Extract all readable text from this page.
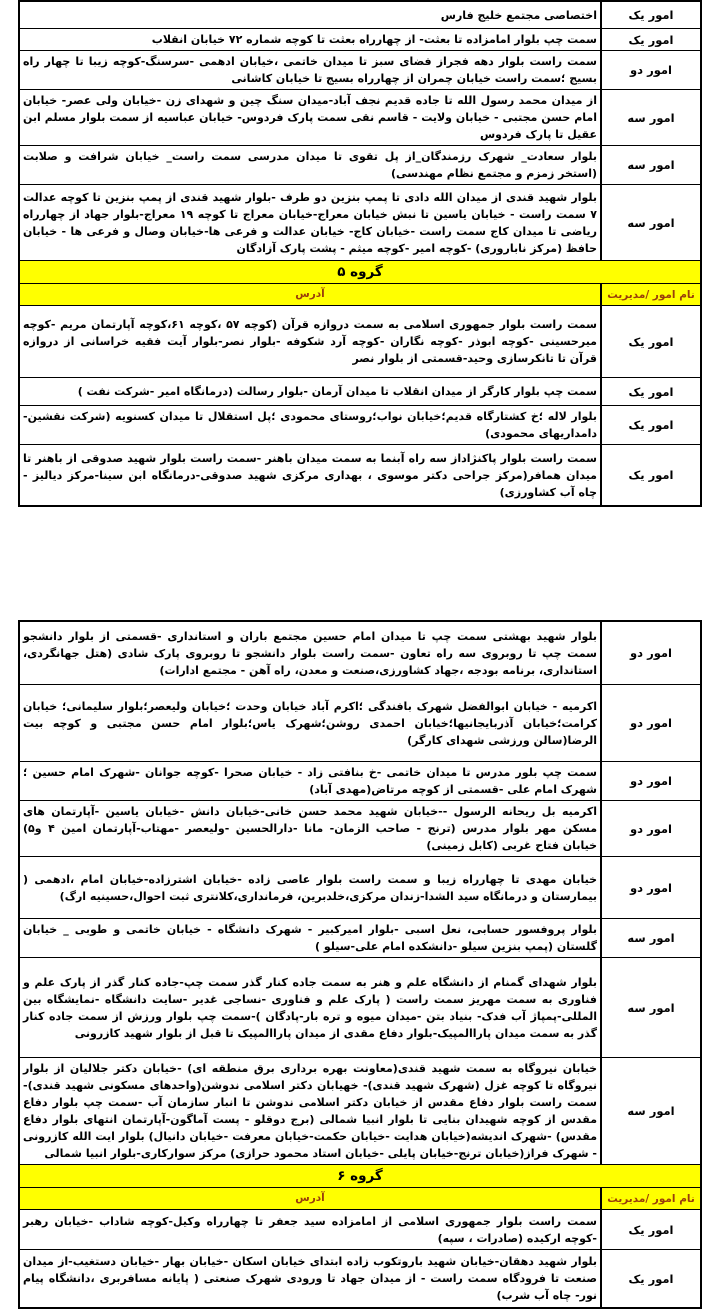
امور یک
اختصاصی مجتمع خلیج فارس
امور یک
سمت چپ بلوار امامزاده تا بعثت- از چهارراه بعثت تا کوچه شماره ۷۲ خیابان انقلاب
امور دو
سمت راست بلوار دهه فجراز فضای سبز تا میدان خاتمی ،خیابان ادهمی -سرسنگ-کوچه زیبا تا چهار راه بسیج ؛سمت راست خیابان چمران از چهارراه بسیج تا خیابان کاشانی
امور سه
از میدان محمد رسول الله تا جاده قدیم نجف آباد-میدان سنگ چین و شهدای زن -خیابان ولی عصر- خیابان امام حسن مجتبی - خیابان ولایت - قاسم نقی سمت پارک فردوس- خیابان عباسیه از سمت بلوار مسلم ابن عقیل تا پارک فردوس
امور سه
بلوار سعادت_ شهرک رزمندگان_از پل تقوی تا میدان مدرسی سمت راست_ خیابان شرافت و صلابت (استخر زمزم و مجتمع نظام مهندسی)
امور سه
بلوار شهید قندی از میدان الله دادی تا پمپ بنزین دو طرف -بلوار شهید قندی از پمپ بنزین تا کوچه عدالت ۷ سمت راست - خیابان یاسین تا نبش خیابان معراج-خیابان معراج تا کوچه ۱۹ معراج-بلوار جهاد از چهارراه ریاضی تا میدان کاج سمت راست -خیابان کاج- خیابان عدالت و فرعی ها-خیابان وصال و فرعی ها - خیابان حافظ (مرکز ناباروری) -کوچه امیر -کوچه میثم - پشت پارک آزادگان
گروه ۵
نام امور /مدیریت
آدرس
امور یک
سمت راست بلوار جمهوری اسلامی به سمت دروازه قرآن (کوچه ۵۷ ،کوچه ۶۱،کوچه آپارتمان مریم -کوچه میرحسینی -کوچه ابوذر -کوچه نگاران -کوچه آرد شکوفه -بلوار نصر-بلوار آیت فقیه خراسانی از دروازه قرآن تا تانکرسازی وحید-قسمتی از بلوار نصر
امور یک
سمت چپ بلوار کارگر از میدان انقلاب تا میدان آرمان -بلوار رسالت (درمانگاه امیر -شرکت نفت )
امور یک
بلوار لاله ؛خ کشتارگاه قدیم؛خیابان نواب؛روستای محمودی ؛پل استقلال تا میدان کسنویه (شرکت نقشین-دامداریهای محمودی)
امور یک
سمت راست بلوار پاکنژاداز سه راه آبنما به سمت میدان باهنر -سمت راست بلوار شهید صدوقی از باهنر تا میدان همافر(مرکز جراحی دکتر موسوی ، بهداری مرکزی شهید صدوقی-درمانگاه ابن سینا-مرکز دیالیز - چاه آب کشاورزی)
امور دو
بلوار شهید بهشتی سمت چپ تا میدان امام حسین مجتمع باران و استانداری -قسمتی از بلوار دانشجو سمت چپ تا روبروی سه راه تعاون -سمت راست بلوار دانشجو تا روبروی پارک شادی (هتل جهانگردی، استانداری، برنامه بودجه ،جهاد کشاورزی،صنعت و معدن، راه آهن - مجتمع ادارات)
امور دو
اکرمیه - خیابان ابوالفضل شهرک بافندگی ؛اکرم آباد خیابان وحدت ؛خیابان ولیعصر؛بلوار سلیمانی؛ خیابان کرامت؛خیابان آذربایجانیها؛خیابان احمدی روشن؛شهرک یاس؛بلوار امام حسن مجتبی و کوچه بیت الرضا(سالن ورزشی شهدای کارگر)
امور دو
سمت چپ بلور مدرس تا میدان خاتمی -خ بنافتی زاد - خیابان صحرا -کوچه جوانان -شهرک امام حسین ؛شهرک امام علی -قسمتی از کوچه مرتاض(مهدی آباد)
امور دو
اکرمیه بل ریحانه الرسول --خیابان شهید محمد حسن خانی-خیابان دانش -خیابان یاسین -آپارتمان های مسکن مهر بلوار مدرس (ترنج - صاحب الزمان- مانا -دارالحسین -ولیعصر -مهتاب-آپارتمان امین ۴ و۵) خیابان فتاح غربی (کابل زمینی)
امور دو
خیابان مهدی تا چهارراه زیبا و سمت راست بلوار عاصی زاده -خیابان اشترزاده-خیابان امام ،ادهمی ( بیمارستان و درمانگاه سید الشدا-زندان مرکزی،خلدبرین، فرمانداری،کلانتری ثبت احوال،حسینیه ارگ)
امور سه
بلوار پروفسور حسابی، نعل اسبی -بلوار امیرکبیر - شهرک دانشگاه - خیابان خاتمی و طوبی _ خیابان گلستان (پمپ بنزین سیلو -دانشکده امام علی-سیلو )
امور سه
بلوار شهدای گمنام از دانشگاه علم و هنر به سمت جاده کنار گذر سمت چپ-جاده کنار گذر از پارک علم و فناوری به سمت مهریز سمت راست ( پارک علم و فناوری -نساجی غدیر -سایت دانشگاه -نمایشگاه بین المللی-پمپاژ آب فدک- بنیاد بتن -میدان میوه و تره بار-پادگان )-سمت چپ بلوار ورزش از سمت جاده کنار گذر به سمت میدان پاراالمپیک-بلوار دفاع مقدی از میدان پاراالمپیک تا قبل از بلوار شهید کازرونی
امور سه
خیابان نیروگاه به سمت شهید قندی(معاونت بهره برداری برق منطقه ای) -خیابان دکتر جلالیان از بلوار نیروگاه تا کوچه غزل (شهرک شهید قندی)- خهیابان دکتر اسلامی ندوشن(واحدهای مسکونی شهید قندی)-سمت راست بلوار دفاع مقدس از خیابان دکتر اسلامی ندوشن تا انبار سازمان آب -سمت چپ بلوار دفاع مقدس از کوچه شهیدان بنایی تا بلوار انبیا شمالی (برج دوقلو - پست آماگون-آپارتمان انتهای بلوار دفاع مقدس) -شهرک اندیشه(خیابان هدایت -خیابان حکمت-خیابان معرفت -خیابان دانیال) بلوار ایت الله کازرونی - شهرک فراز(خیابان ترنج-خیابان پایلی -خیابان استاد محمود حرازی) مرکز سوارکاری-بلوار انبیا شمالی
گروه ۶
نام امور /مدیریت
آدرس
امور یک
سمت راست بلوار جمهوری اسلامی از امامزاده سید جعفر تا چهارراه وکیل-کوچه شاداب -خیابان رهبر -کوچه ارکیده (صادرات ، سپه)
امور یک
بلوار شهید دهقان-خیابان شهید باروتکوب زاده ابتدای خیابان اسکان -خیابان بهار -خیابان دستغیب-از میدان صنعت تا فرودگاه سمت راست - از میدان جهاد تا ورودی شهرک صنعتی ( پایانه مسافربری ،دانشگاه پیام نور- چاه آب شرب)
